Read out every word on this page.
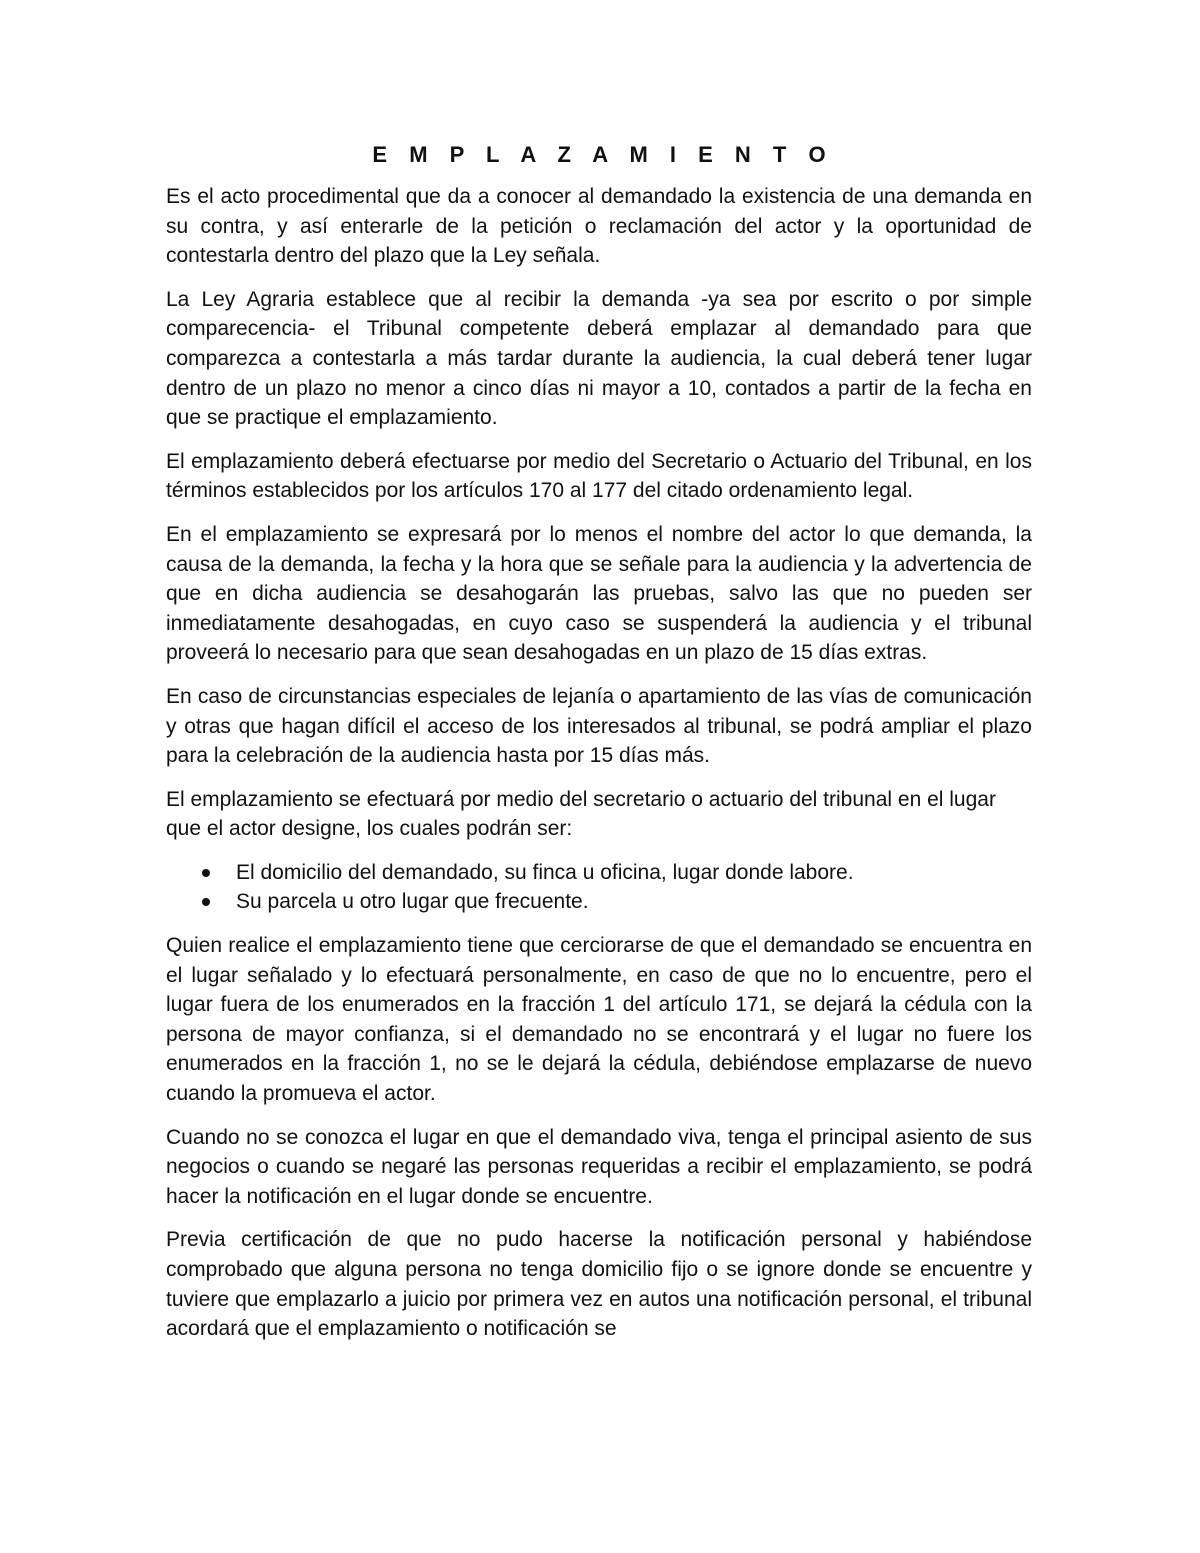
E M P L A Z A M I E N T O

Es el acto procedimental que da a conocer al demandado la existencia de una demanda en su contra, y así enterarle de la petición o reclamación del actor y la oportunidad de contestarla dentro del plazo que la Ley señala.

La Ley Agraria establece que al recibir la demanda -ya sea por escrito o por simple comparecencia- el Tribunal competente deberá emplazar al demandado para que comparezca a contestarla a más tardar durante la audiencia, la cual deberá tener lugar dentro de un plazo no menor a cinco días ni mayor a 10, contados a partir de la fecha en que se practique el emplazamiento.

El emplazamiento deberá efectuarse por medio del Secretario o Actuario del Tribunal, en los términos establecidos por los artículos 170 al 177 del citado ordenamiento legal.

En el emplazamiento se expresará por lo menos el nombre del actor lo que demanda, la causa de la demanda, la fecha y la hora que se señale para la audiencia y la advertencia de que en dicha audiencia se desahogarán las pruebas, salvo las que no pueden ser inmediatamente desahogadas, en cuyo caso se suspenderá la audiencia y el tribunal proveerá lo necesario para que sean desahogadas en un plazo de 15 días extras.

En caso de circunstancias especiales de lejanía o apartamiento de las vías de comunicación y otras que hagan difícil el acceso de los interesados al tribunal, se podrá ampliar el plazo para la celebración de la audiencia hasta por 15 días más.

El emplazamiento se efectuará por medio del secretario o actuario del tribunal en el lugar que el actor designe, los cuales podrán ser:

El domicilio del demandado, su finca u oficina, lugar donde labore.
Su parcela u otro lugar que frecuente.

Quien realice el emplazamiento tiene que cerciorarse de que el demandado se encuentra en el lugar señalado y lo efectuará personalmente, en caso de que no lo encuentre, pero el lugar fuera de los enumerados en la fracción 1 del artículo 171, se dejará la cédula con la persona de mayor confianza, si el demandado no se encontrará y el lugar no fuere los enumerados en la fracción 1, no se le dejará la cédula, debiéndose emplazarse de nuevo cuando la promueva el actor.

Cuando no se conozca el lugar en que el demandado viva, tenga el principal asiento de sus negocios o cuando se negaré las personas requeridas a recibir el emplazamiento, se podrá hacer la notificación en el lugar donde se encuentre.

Previa certificación de que no pudo hacerse la notificación personal y habiéndose comprobado que alguna persona no tenga domicilio fijo o se ignore donde se encuentre y tuviere que emplazarlo a juicio por primera vez en autos una notificación personal, el tribunal acordará que el emplazamiento o notificación se
